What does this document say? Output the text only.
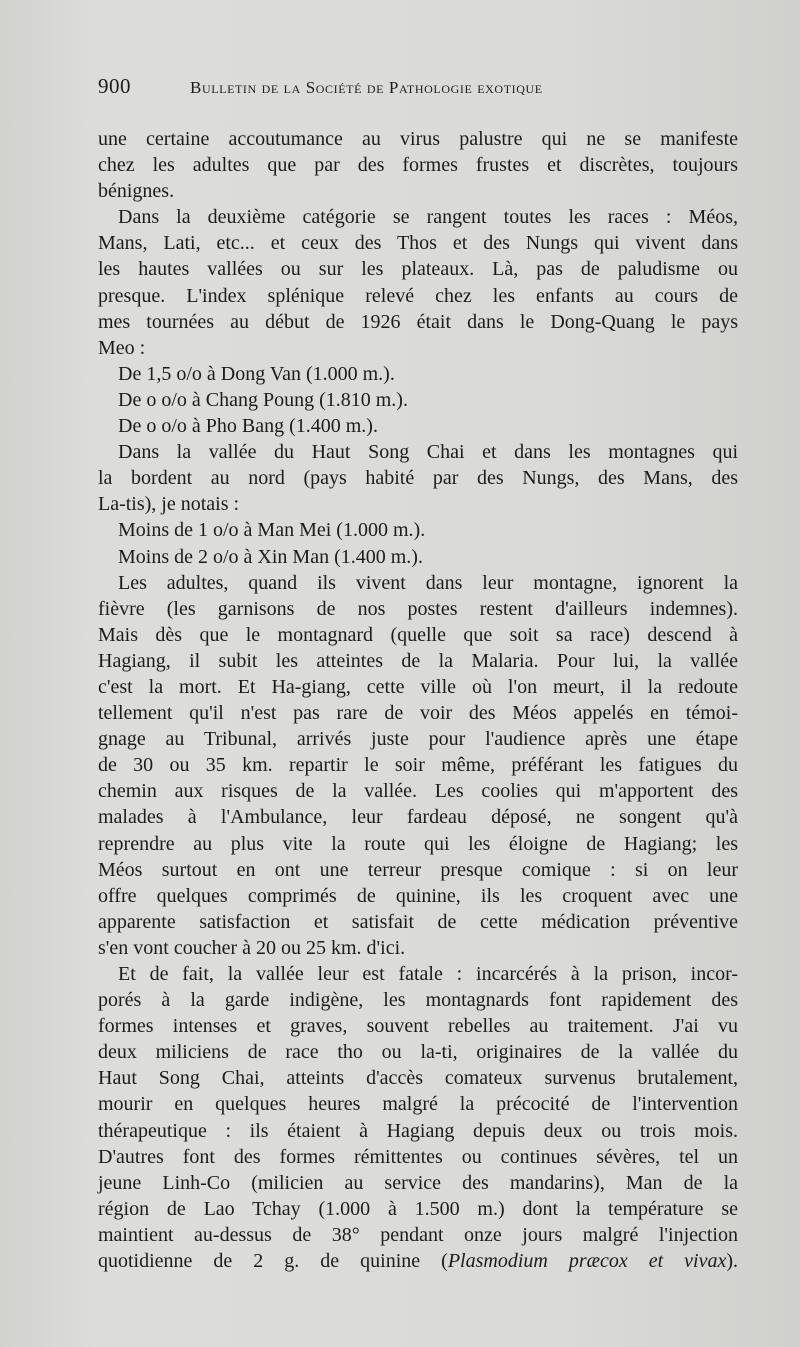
900	Bulletin de la Société de Pathologie exotique
une certaine accoutumance au virus palustre qui ne se manifeste
chez les adultes que par des formes frustes et discrètes, toujours
bénignes.
Dans la deuxième catégorie se rangent toutes les races : Méos,
Mans, Lati, etc... et ceux des Thos et des Nungs qui vivent dans
les hautes vallées ou sur les plateaux. Là, pas de paludisme ou
presque. L'index splénique relevé chez les enfants au cours de
mes tournées au début de 1926 était dans le Dong-Quang le pays
Meo :
De 1,5 o/o à Dong Van (1.000 m.).
De o o/o à Chang Poung (1.810 m.).
De o o/o à Pho Bang (1.400 m.).
Dans la vallée du Haut Song Chai et dans les montagnes qui
la bordent au nord (pays habité par des Nungs, des Mans, des
La-tis), je notais :
Moins de 1 o/o à Man Mei (1.000 m.).
Moins de 2 o/o à Xin Man (1.400 m.).
Les adultes, quand ils vivent dans leur montagne, ignorent la
fièvre (les garnisons de nos postes restent d'ailleurs indemnes).
Mais dès que le montagnard (quelle que soit sa race) descend à
Hagiang, il subit les atteintes de la Malaria. Pour lui, la vallée
c'est la mort. Et Ha-giang, cette ville où l'on meurt, il la redoute
tellement qu'il n'est pas rare de voir des Méos appelés en témoi-
gnage au Tribunal, arrivés juste pour l'audience après une étape
de 30 ou 35 km. repartir le soir même, préférant les fatigues du
chemin aux risques de la vallée. Les coolies qui m'apportent des
malades à l'Ambulance, leur fardeau déposé, ne songent qu'à
reprendre au plus vite la route qui les éloigne de Hagiang; les
Méos surtout en ont une terreur presque comique : si on leur
offre quelques comprimés de quinine, ils les croquent avec une
apparente satisfaction et satisfait de cette médication préventive
s'en vont coucher à 20 ou 25 km. d'ici.
Et de fait, la vallée leur est fatale : incarcérés à la prison, incor-
porés à la garde indigène, les montagnards font rapidement des
formes intenses et graves, souvent rebelles au traitement. J'ai vu
deux miliciens de race tho ou la-ti, originaires de la vallée du
Haut Song Chai, atteints d'accès comateux survenus brutalement,
mourir en quelques heures malgré la précocité de l'intervention
thérapeutique : ils étaient à Hagiang depuis deux ou trois mois.
D'autres font des formes rémittentes ou continues sévères, tel un
jeune Linh-Co (milicien au service des mandarins), Man de la
région de Lao Tchay (1.000 à 1.500 m.) dont la température se
maintient au-dessus de 38° pendant onze jours malgré l'injection
quotidienne de 2 g. de quinine (Plasmodium præcox et vivax).
